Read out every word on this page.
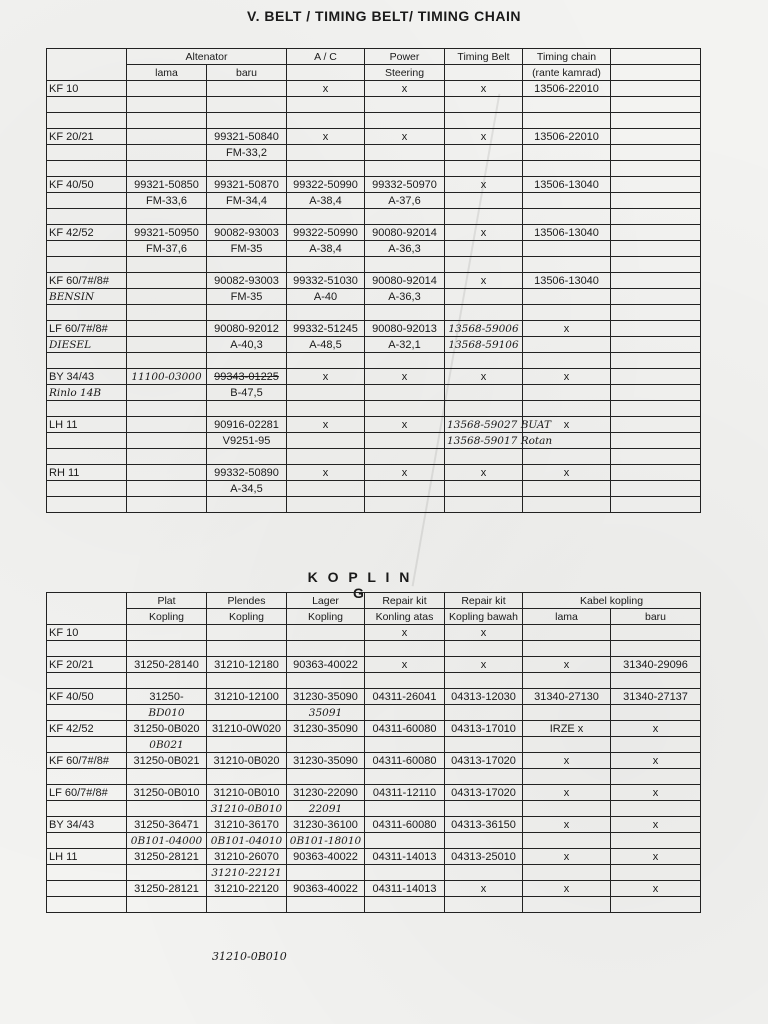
V. BELT / TIMING BELT/ TIMING CHAIN
	Altenator		A / C	Power	Timing Belt	Timing chain	
	lama	baru		Steering		(rante kamrad)	
KF 10			x	x	x	13506-22010	

KF 20/21		99321-50840	x	x	x	13506-22010	
		FM-33,2					

KF 40/50	99321-50850	99321-50870	99322-50990	99332-50970	x	13506-13040	
	FM-33,6	FM-34,4	A-38,4	A-37,6			

KF 42/52	99321-50950	90082-93003	99322-50990	90080-92014	x	13506-13040	
	FM-37,6	FM-35	A-38,4	A-36,3			

KF 60/7#/8#		90082-93003	99332-51030	90080-92014	x	13506-13040	
BENSIN		FM-35	A-40	A-36,3			

LF 60/7#/8#		90080-92012	99332-51245	90080-92013	13568-59006	x	
DIESEL		A-40,3	A-48,5	A-32,1	13568-59106		

BY 34/43	11100-03000	99343-01225	x	x	x	x	
Rinlo 14B		B-47,5					

LH 11		90916-02281	x	x	13568-59027 BUAT	x	
		V9251-95			13568-59017 Rotan		

RH 11		99332-50890	x	x	x	x	
		A-34,5					

K O P L I N G
	Plat	Plendes	Lager	Repair kit	Repair kit	Kabel kopling	
	Kopling	Kopling	Kopling	Konling atas	Kopling bawah	lama	baru
KF 10				x	x		

KF 20/21	31250-28140	31210-12180	90363-40022	x	x	x	31340-29096

KF 40/50	31250-	31210-12100	31230-35090	04311-26041	04313-12030	31340-27130	31340-27137
	BD010		35091				
KF 42/52	31250-0B020	31210-0W020	31230-35090	04311-60080	04313-17010	IRZE x	x
	0B021						
KF 60/7#/8#	31250-0B021	31210-0B020	31230-35090	04311-60080	04313-17020	x	x

LF 60/7#/8#	31250-0B010	31210-0B010	31230-22090	04311-12110	04313-17020	x	x
		31210-0B010	22091				
BY 34/43	31250-36471	31210-36170	31230-36100	04311-60080	04313-36150	x	x
	0B101-04000	0B101-04010	0B101-18010				
LH 11	31250-28121	31210-26070	90363-40022	04311-14013	04313-25010	x	x
		31210-22121					
	31250-28121	31210-22120	90363-40022	04311-14013	x	x	x

31210-0B010
